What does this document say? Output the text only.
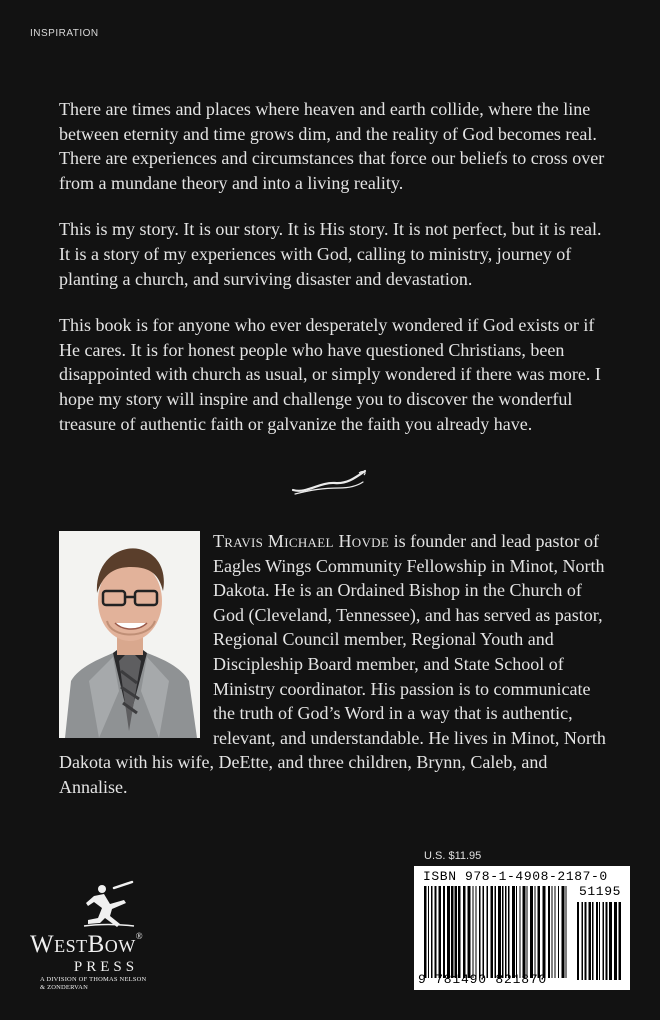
INSPIRATION

There are times and places where heaven and earth collide, where the line between eternity and time grows dim, and the reality of God becomes real. There are experiences and circumstances that force our beliefs to cross over from a mundane theory and into a living reality.

This is my story. It is our story. It is His story. It is not perfect, but it is real. It is a story of my experiences with God, calling to ministry, journey of planting a church, and surviving disaster and devastation.

This book is for anyone who ever desperately wondered if God exists or if He cares. It is for honest people who have questioned Christians, been disappointed with church as usual, or simply wondered if there was more. I hope my story will inspire and challenge you to discover the wonderful treasure of authentic faith or galvanize the faith you already have.

Travis Michael Hovde is founder and lead pastor of Eagles Wings Community Fellowship in Minot, North Dakota. He is an Ordained Bishop in the Church of God (Cleveland, Tennessee), and has served as pastor, Regional Council member, Regional Youth and Discipleship Board member, and State School of Ministry coordinator. His passion is to communicate the truth of God’s Word in a way that is authentic, relevant, and understandable. He lives in Minot, North Dakota with his wife, DeEtte, and three children, Brynn, Caleb, and Annalise.
U.S. $11.95
ISBN 978-1-4908-2187-0
51195
9 781490 821870
WestBow®
PRESS
A DIVISION OF THOMAS NELSON
& ZONDERVAN
